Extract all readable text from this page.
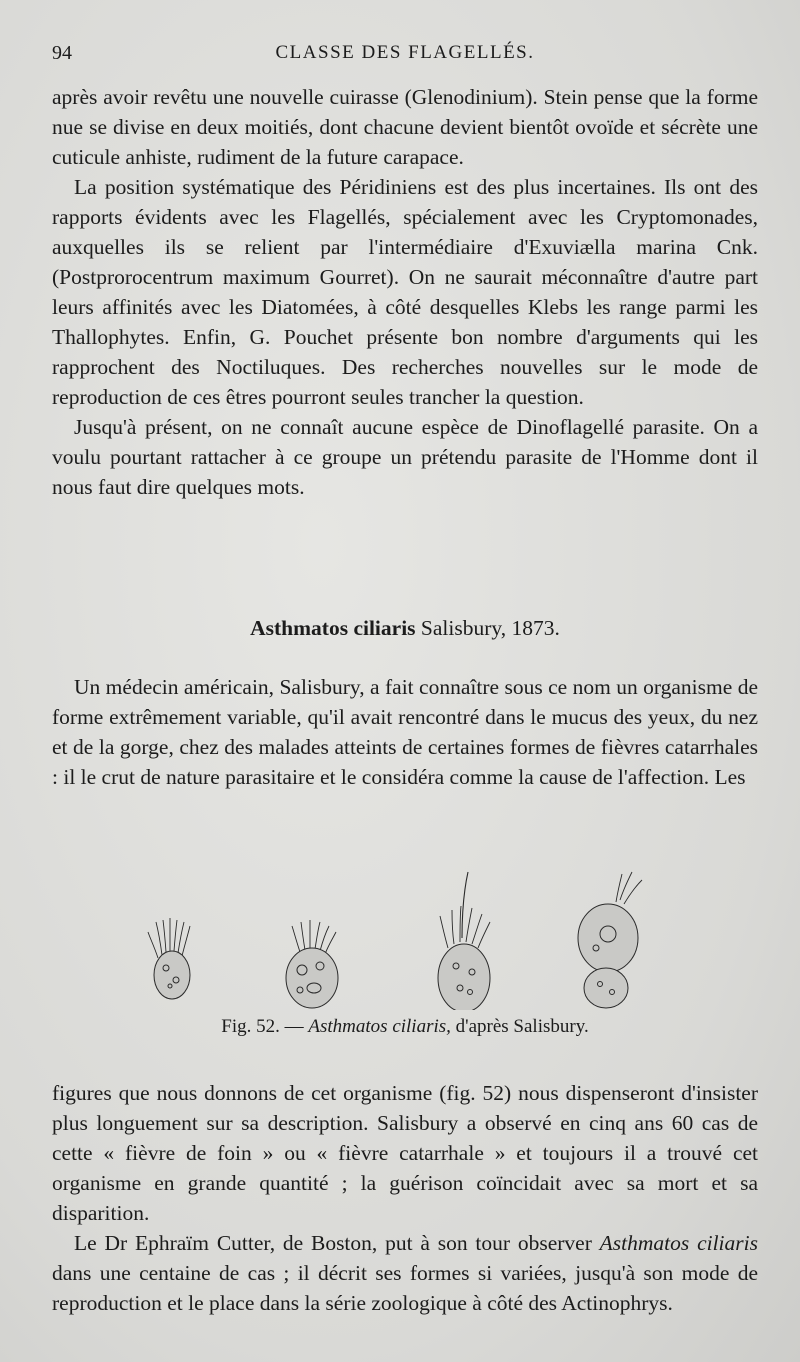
94	CLASSE DES FLAGELLÉS.

après avoir revêtu une nouvelle cuirasse (Glenodinium). Stein pense que la forme nue se divise en deux moitiés, dont chacune devient bientôt ovoïde et sécrète une cuticule anhiste, rudiment de la future carapace.

La position systématique des Péridiniens est des plus incertaines. Ils ont des rapports évidents avec les Flagellés, spécialement avec les Cryptomonades, auxquelles ils se relient par l'intermédiaire d'Exuviælla marina Cnk. (Postprorocentrum maximum Gourret). On ne saurait méconnaître d'autre part leurs affinités avec les Diatomées, à côté desquelles Klebs les range parmi les Thallophytes. Enfin, G. Pouchet présente bon nombre d'arguments qui les rapprochent des Noctiluques. Des recherches nouvelles sur le mode de reproduction de ces êtres pourront seules trancher la question.

Jusqu'à présent, on ne connaît aucune espèce de Dinoflagellé parasite. On a voulu pourtant rattacher à ce groupe un prétendu parasite de l'Homme dont il nous faut dire quelques mots.

Asthmatos ciliaris Salisbury, 1873.

Un médecin américain, Salisbury, a fait connaître sous ce nom un organisme de forme extrêmement variable, qu'il avait rencontré dans le mucus des yeux, du nez et de la gorge, chez des malades atteints de certaines formes de fièvres catarrhales : il le crut de nature parasitaire et le considéra comme la cause de l'affection. Les

Fig. 52. — Asthmatos ciliaris, d'après Salisbury.

figures que nous donnons de cet organisme (fig. 52) nous dispenseront d'insister plus longuement sur sa description. Salisbury a observé en cinq ans 60 cas de cette « fièvre de foin » ou « fièvre catarrhale » et toujours il a trouvé cet organisme en grande quantité ; la guérison coïncidait avec sa mort et sa disparition.

Le Dr Ephraïm Cutter, de Boston, put à son tour observer Asthmatos ciliaris dans une centaine de cas ; il décrit ses formes si variées, jusqu'à son mode de reproduction et le place dans la série zoologique à côté des Actinophrys.
